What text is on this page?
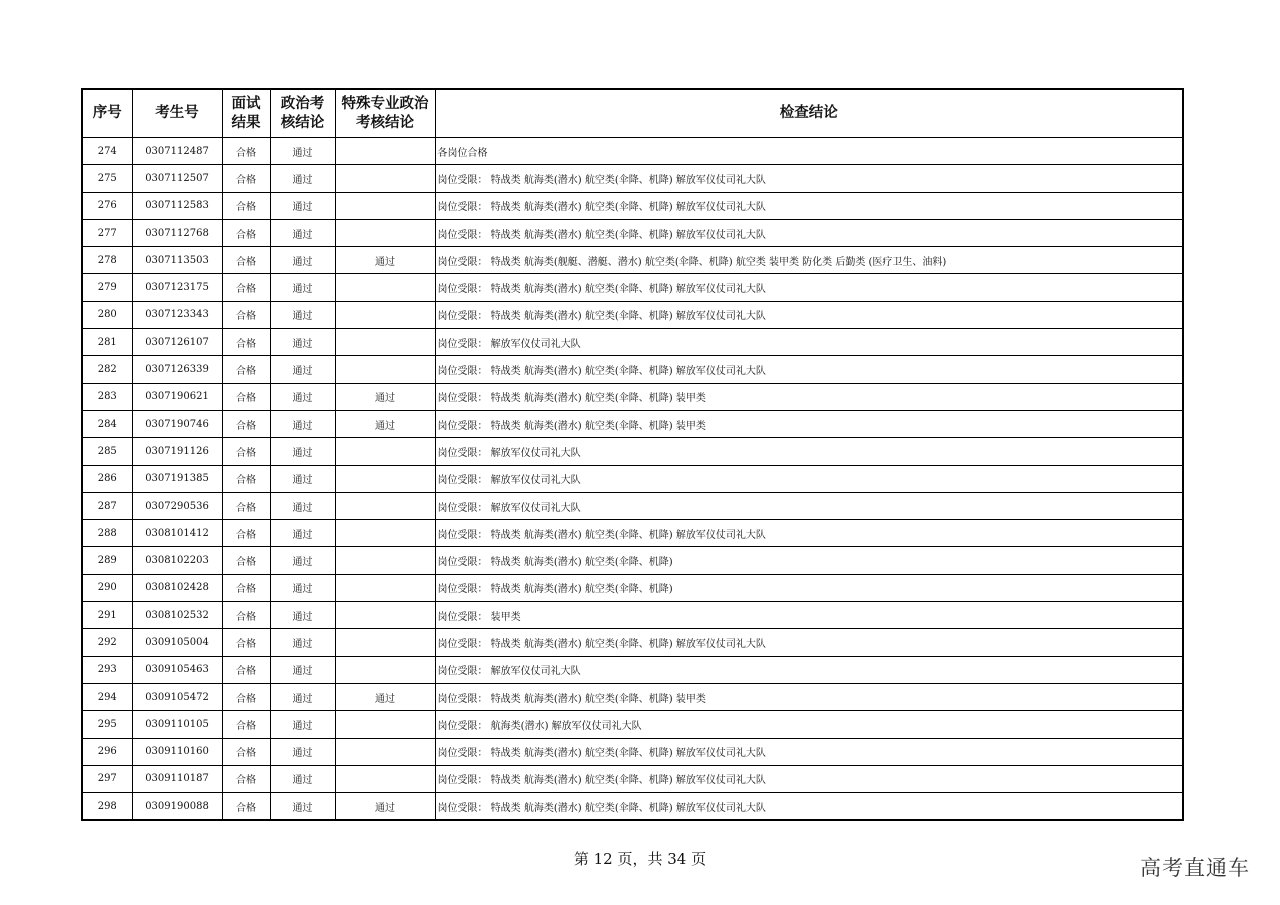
序号	考生号	面试结果	政治考核结论	特殊专业政治考核结论	检查结论
274	0307112487	合格	通过		各岗位合格
275	0307112507	合格	通过		岗位受限： 特战类 航海类(潜水) 航空类(伞降、机降) 解放军仪仗司礼大队
276	0307112583	合格	通过		岗位受限： 特战类 航海类(潜水) 航空类(伞降、机降) 解放军仪仗司礼大队
277	0307112768	合格	通过		岗位受限： 特战类 航海类(潜水) 航空类(伞降、机降) 解放军仪仗司礼大队
278	0307113503	合格	通过	通过	岗位受限： 特战类 航海类(舰艇、潜艇、潜水) 航空类(伞降、机降) 航空类 装甲类 防化类 后勤类 (医疗卫生、油料)
279	0307123175	合格	通过		岗位受限： 特战类 航海类(潜水) 航空类(伞降、机降) 解放军仪仗司礼大队
280	0307123343	合格	通过		岗位受限： 特战类 航海类(潜水) 航空类(伞降、机降) 解放军仪仗司礼大队
281	0307126107	合格	通过		岗位受限： 解放军仪仗司礼大队
282	0307126339	合格	通过		岗位受限： 特战类 航海类(潜水) 航空类(伞降、机降) 解放军仪仗司礼大队
283	0307190621	合格	通过	通过	岗位受限： 特战类 航海类(潜水) 航空类(伞降、机降) 装甲类
284	0307190746	合格	通过	通过	岗位受限： 特战类 航海类(潜水) 航空类(伞降、机降) 装甲类
285	0307191126	合格	通过		岗位受限： 解放军仪仗司礼大队
286	0307191385	合格	通过		岗位受限： 解放军仪仗司礼大队
287	0307290536	合格	通过		岗位受限： 解放军仪仗司礼大队
288	0308101412	合格	通过		岗位受限： 特战类 航海类(潜水) 航空类(伞降、机降) 解放军仪仗司礼大队
289	0308102203	合格	通过		岗位受限： 特战类 航海类(潜水) 航空类(伞降、机降)
290	0308102428	合格	通过		岗位受限： 特战类 航海类(潜水) 航空类(伞降、机降)
291	0308102532	合格	通过		岗位受限： 装甲类
292	0309105004	合格	通过		岗位受限： 特战类 航海类(潜水) 航空类(伞降、机降) 解放军仪仗司礼大队
293	0309105463	合格	通过		岗位受限： 解放军仪仗司礼大队
294	0309105472	合格	通过	通过	岗位受限： 特战类 航海类(潜水) 航空类(伞降、机降) 装甲类
295	0309110105	合格	通过		岗位受限： 航海类(潜水) 解放军仪仗司礼大队
296	0309110160	合格	通过		岗位受限： 特战类 航海类(潜水) 航空类(伞降、机降) 解放军仪仗司礼大队
297	0309110187	合格	通过		岗位受限： 特战类 航海类(潜水) 航空类(伞降、机降) 解放军仪仗司礼大队
298	0309190088	合格	通过	通过	岗位受限： 特战类 航海类(潜水) 航空类(伞降、机降) 解放军仪仗司礼大队
第 12 页，共 34 页	高考直通车
